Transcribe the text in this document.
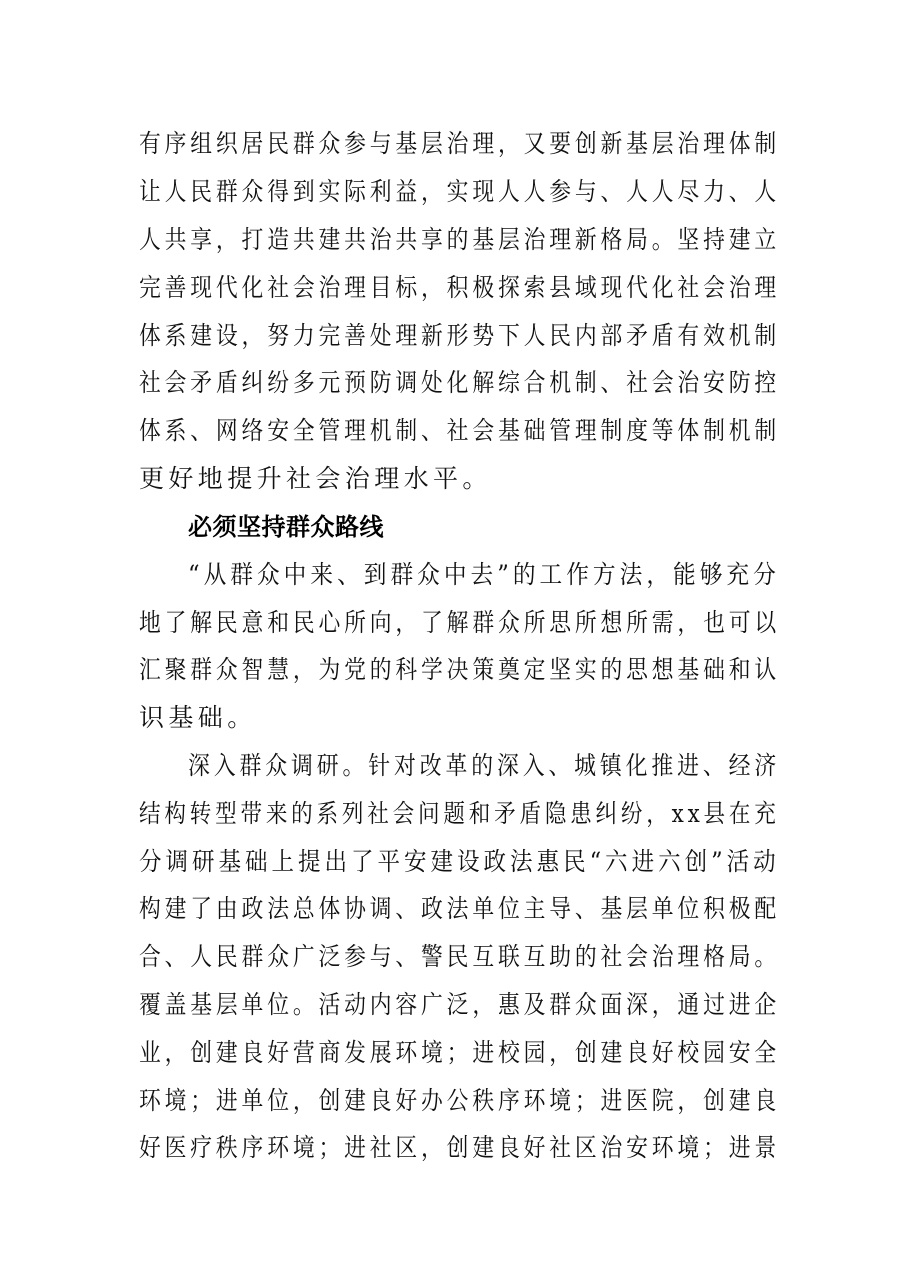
有序组织居民群众参与基层治理，又要创新基层治理体制
让人民群众得到实际利益，实现人人参与、人人尽力、人
人共享，打造共建共治共享的基层治理新格局。坚持建立
完善现代化社会治理目标，积极探索县域现代化社会治理
体系建设，努力完善处理新形势下人民内部矛盾有效机制
社会矛盾纠纷多元预防调处化解综合机制、社会治安防控
体系、网络安全管理机制、社会基础管理制度等体制机制
更好地提升社会治理水平。
必须坚持群众路线
“从群众中来、到群众中去”的工作方法，能够充分
地了解民意和民心所向，了解群众所思所想所需，也可以
汇聚群众智慧，为党的科学决策奠定坚实的思想基础和认
识基础。
深入群众调研。针对改革的深入、城镇化推进、经济
结构转型带来的系列社会问题和矛盾隐患纠纷，xx县在充
分调研基础上提出了平安建设政法惠民“六进六创”活动
构建了由政法总体协调、政法单位主导、基层单位积极配
合、人民群众广泛参与、警民互联互助的社会治理格局。
覆盖基层单位。活动内容广泛，惠及群众面深，通过进企
业，创建良好营商发展环境；进校园，创建良好校园安全
环境；进单位，创建良好办公秩序环境；进医院，创建良
好医疗秩序环境；进社区，创建良好社区治安环境；进景
